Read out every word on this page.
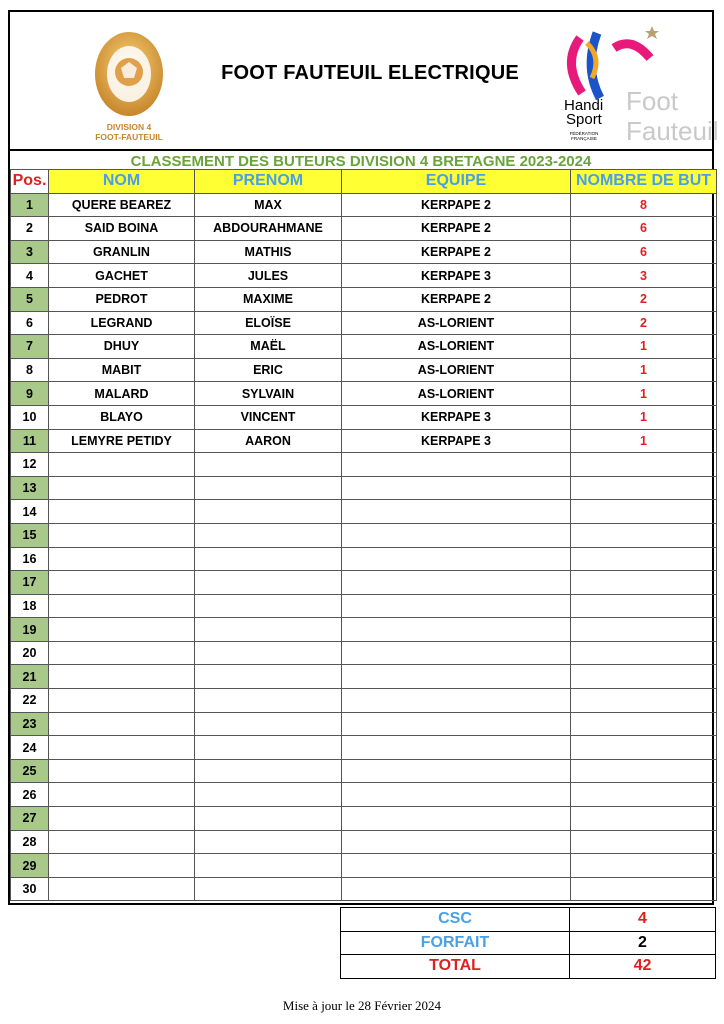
DIVISION 4
FOOT-FAUTEUIL
FOOT FAUTEUIL ELECTRIQUE
Handi
Sport
FÉDÉRATION
FRANÇAISE
Foot
Fauteuil
CLASSEMENT DES BUTEURS DIVISION 4 BRETAGNE 2023-2024
Pos.	NOM	PRENOM	EQUIPE	NOMBRE DE BUT
1	QUERE BEAREZ	MAX	KERPAPE 2	8
2	SAID BOINA	ABDOURAHMANE	KERPAPE 2	6
3	GRANLIN	MATHIS	KERPAPE 2	6
4	GACHET	JULES	KERPAPE 3	3
5	PEDROT	MAXIME	KERPAPE 2	2
6	LEGRAND	ELOÏSE	AS-LORIENT	2
7	DHUY	MAËL	AS-LORIENT	1
8	MABIT	ERIC	AS-LORIENT	1
9	MALARD	SYLVAIN	AS-LORIENT	1
10	BLAYO	VINCENT	KERPAPE 3	1
11	LEMYRE PETIDY	AARON	KERPAPE 3	1
12				
13				
14				
15				
16				
17				
18				
19				
20				
21				
22				
23				
24				
25				
26				
27				
28				
29				
30				
CSC	4
FORFAIT	2
TOTAL	42
Mise à jour le 28 Février 2024
